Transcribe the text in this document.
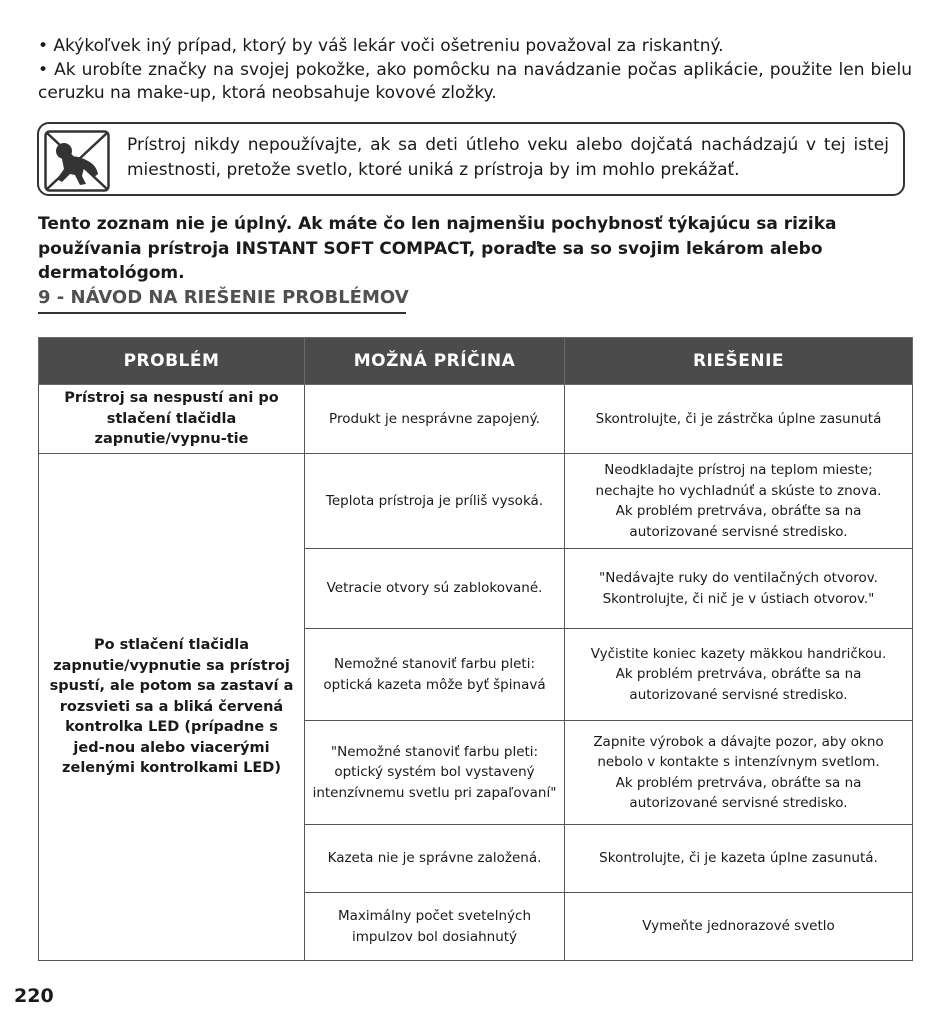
• Akýkoľvek iný prípad, ktorý by váš lekár voči ošetreniu považoval za riskantný.

• Ak urobíte značky na svojej pokožke, ako pomôcku na navádzanie počas aplikácie, použite len bielu ceruzku na make-up, ktorá neobsahuje kovové zložky.

Prístroj nikdy nepoužívajte, ak sa deti útleho veku alebo dojčatá nachádzajú v tej istej miestnosti, pretože svetlo, ktoré uniká z prístroja by im mohlo prekážať.

Tento zoznam nie je úplný. Ak máte čo len najmenšiu pochybnosť týkajúcu sa rizika používania prístroja INSTANT SOFT COMPACT, poraďte sa so svojim lekárom alebo dermatológom.

9 - NÁVOD NA RIEŠENIE PROBLÉMOV
PROBLÉM	MOŽNÁ PRÍČINA	RIEŠENIE
Prístroj sa nespustí ani po stlačení tlačidla zapnutie/vypnu-tie	Produkt je nesprávne zapojený.	Skontrolujte, či je zástrčka úplne zasunutá
Po stlačení tlačidla zapnutie/vypnutie sa prístroj spustí, ale potom sa zastaví a rozsvieti sa a bliká červená kontrolka LED (prípadne s jed-nou alebo viacerými zelenými kontrolkami LED)	Teplota prístroja je príliš vysoká.	Neodkladajte prístroj na teplom mieste; nechajte ho vychladnúť a skúste to znova. Ak problém pretrváva, obráťte sa na autorizované servisné stredisko.
	Vetracie otvory sú zablokované.	"Nedávajte ruky do ventilačných otvorov. Skontrolujte, či nič je v ústiach otvorov."
	Nemožné stanoviť farbu pleti: optická kazeta môže byť špinavá	Vyčistite koniec kazety mäkkou handričkou. Ak problém pretrváva, obráťte sa na autorizované servisné stredisko.
	"Nemožné stanoviť farbu pleti: optický systém bol vystavený intenzívnemu svetlu pri zapaľovaní"	Zapnite výrobok a dávajte pozor, aby okno nebolo v kontakte s intenzívnym svetlom. Ak problém pretrváva, obráťte sa na autorizované servisné stredisko.
	Kazeta nie je správne založená.	Skontrolujte, či je kazeta úplne zasunutá.
	Maximálny počet svetelných impulzov bol dosiahnutý	Vymeňte jednorazové svetlo

220
